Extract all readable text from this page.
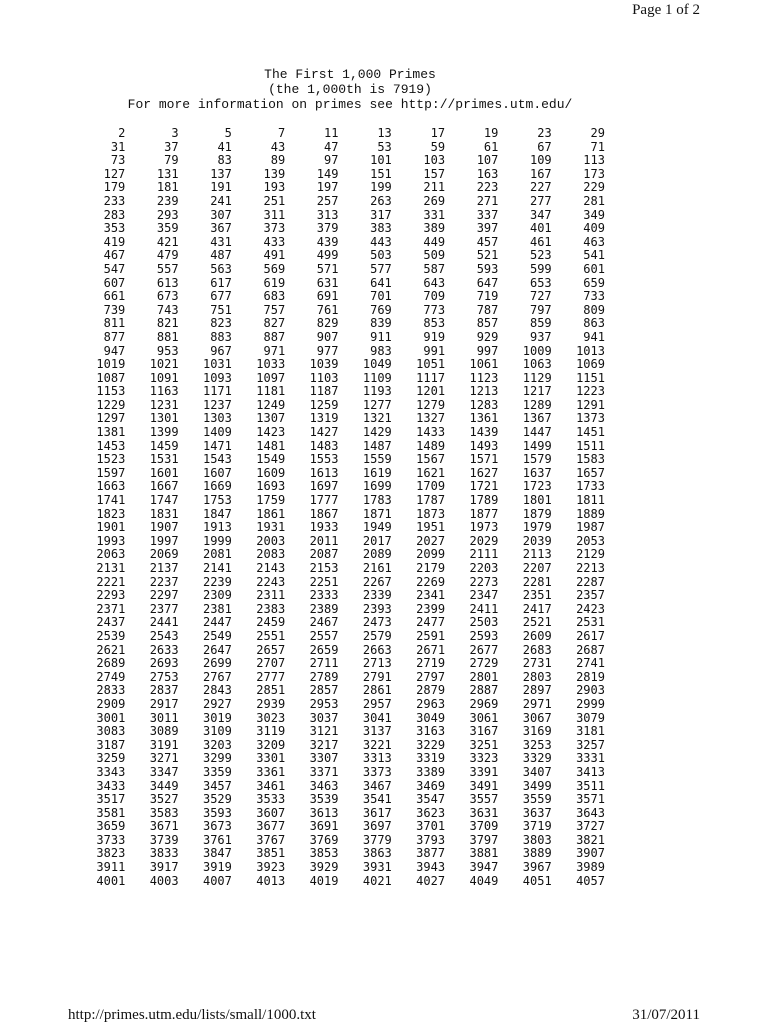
Page 1 of 2
The First 1,000 Primes
(the 1,000th is 7919)
For more information on primes see http://primes.utm.edu/
2	3	5	7	11	13	17	19	23	29
31	37	41	43	47	53	59	61	67	71
73	79	83	89	97	101	103	107	109	113
127	131	137	139	149	151	157	163	167	173
179	181	191	193	197	199	211	223	227	229
233	239	241	251	257	263	269	271	277	281
283	293	307	311	313	317	331	337	347	349
353	359	367	373	379	383	389	397	401	409
419	421	431	433	439	443	449	457	461	463
467	479	487	491	499	503	509	521	523	541
547	557	563	569	571	577	587	593	599	601
607	613	617	619	631	641	643	647	653	659
661	673	677	683	691	701	709	719	727	733
739	743	751	757	761	769	773	787	797	809
811	821	823	827	829	839	853	857	859	863
877	881	883	887	907	911	919	929	937	941
947	953	967	971	977	983	991	997	1009	1013
1019	1021	1031	1033	1039	1049	1051	1061	1063	1069
1087	1091	1093	1097	1103	1109	1117	1123	1129	1151
1153	1163	1171	1181	1187	1193	1201	1213	1217	1223
1229	1231	1237	1249	1259	1277	1279	1283	1289	1291
1297	1301	1303	1307	1319	1321	1327	1361	1367	1373
1381	1399	1409	1423	1427	1429	1433	1439	1447	1451
1453	1459	1471	1481	1483	1487	1489	1493	1499	1511
1523	1531	1543	1549	1553	1559	1567	1571	1579	1583
1597	1601	1607	1609	1613	1619	1621	1627	1637	1657
1663	1667	1669	1693	1697	1699	1709	1721	1723	1733
1741	1747	1753	1759	1777	1783	1787	1789	1801	1811
1823	1831	1847	1861	1867	1871	1873	1877	1879	1889
1901	1907	1913	1931	1933	1949	1951	1973	1979	1987
1993	1997	1999	2003	2011	2017	2027	2029	2039	2053
2063	2069	2081	2083	2087	2089	2099	2111	2113	2129
2131	2137	2141	2143	2153	2161	2179	2203	2207	2213
2221	2237	2239	2243	2251	2267	2269	2273	2281	2287
2293	2297	2309	2311	2333	2339	2341	2347	2351	2357
2371	2377	2381	2383	2389	2393	2399	2411	2417	2423
2437	2441	2447	2459	2467	2473	2477	2503	2521	2531
2539	2543	2549	2551	2557	2579	2591	2593	2609	2617
2621	2633	2647	2657	2659	2663	2671	2677	2683	2687
2689	2693	2699	2707	2711	2713	2719	2729	2731	2741
2749	2753	2767	2777	2789	2791	2797	2801	2803	2819
2833	2837	2843	2851	2857	2861	2879	2887	2897	2903
2909	2917	2927	2939	2953	2957	2963	2969	2971	2999
3001	3011	3019	3023	3037	3041	3049	3061	3067	3079
3083	3089	3109	3119	3121	3137	3163	3167	3169	3181
3187	3191	3203	3209	3217	3221	3229	3251	3253	3257
3259	3271	3299	3301	3307	3313	3319	3323	3329	3331
3343	3347	3359	3361	3371	3373	3389	3391	3407	3413
3433	3449	3457	3461	3463	3467	3469	3491	3499	3511
3517	3527	3529	3533	3539	3541	3547	3557	3559	3571
3581	3583	3593	3607	3613	3617	3623	3631	3637	3643
3659	3671	3673	3677	3691	3697	3701	3709	3719	3727
3733	3739	3761	3767	3769	3779	3793	3797	3803	3821
3823	3833	3847	3851	3853	3863	3877	3881	3889	3907
3911	3917	3919	3923	3929	3931	3943	3947	3967	3989
4001	4003	4007	4013	4019	4021	4027	4049	4051	4057
http://primes.utm.edu/lists/small/1000.txt	31/07/2011
